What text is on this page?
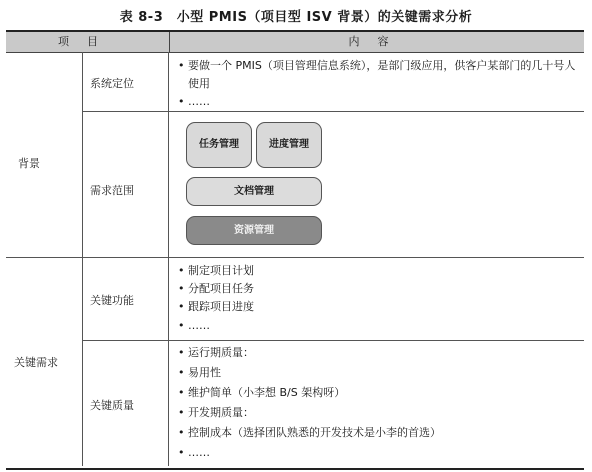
表 8-3　小型 PMIS（项目型 ISV 背景）的关键需求分析
项目	内容
背景
关键需求
系统定位
需求范围
关键功能
关键质量
• 要做一个 PMIS（项目管理信息系统），是部门级应用，供客户某部门的几十号人
使用
• ……
任务管理	进度管理
文档管理
资源管理
• 制定项目计划
• 分配项目任务
• 跟踪项目进度
• ……
• 运行期质量：
• 易用性
• 维护简单（小李想 B/S 架构呀）
• 开发期质量：
• 控制成本（选择团队熟悉的开发技术是小李的首选）
• ……
